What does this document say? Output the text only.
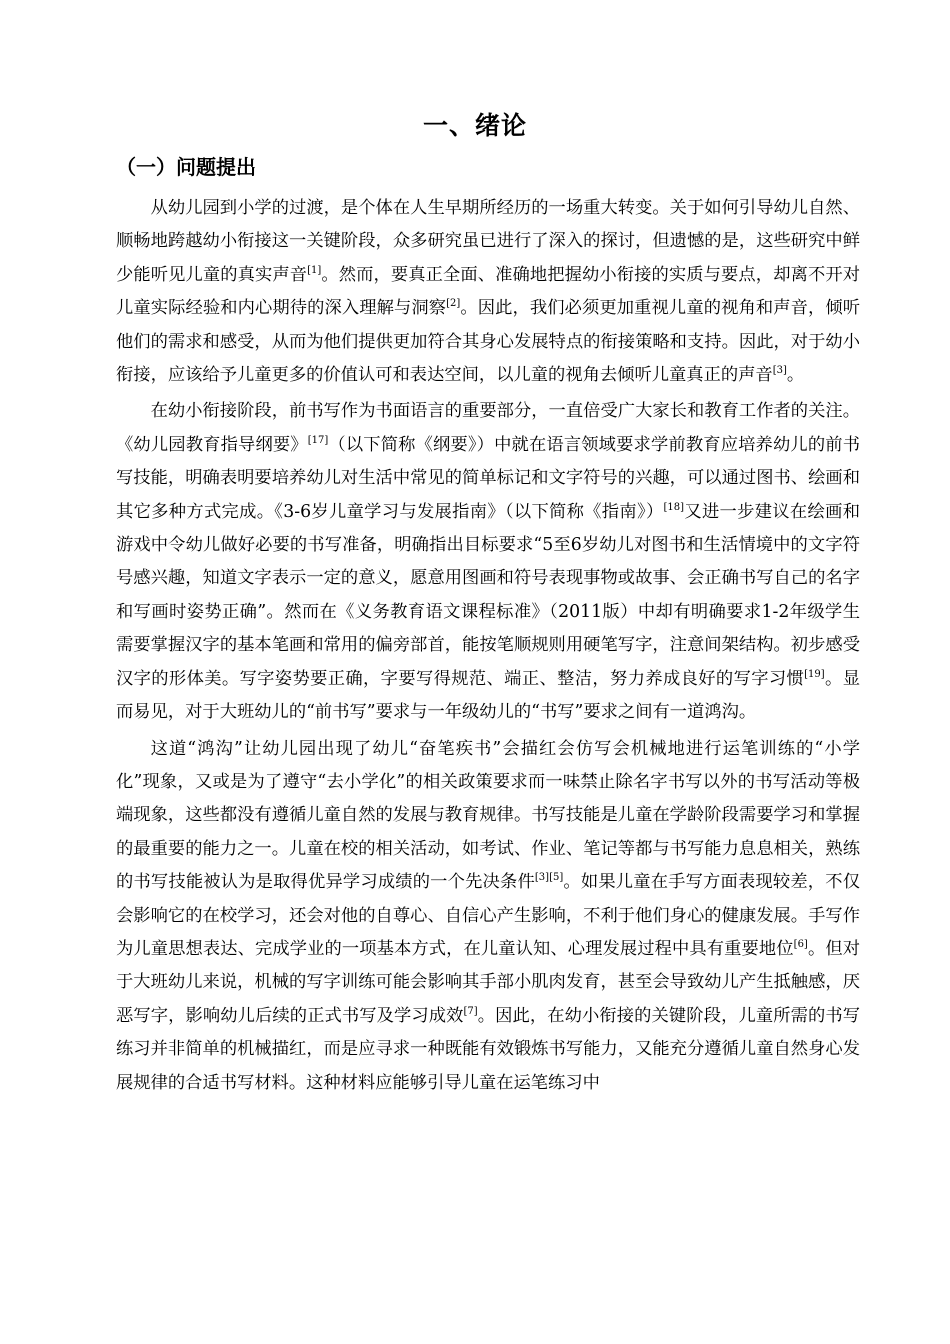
一、绪论
（一）问题提出

从幼儿园到小学的过渡，是个体在人生早期所经历的一场重大转变。关于如何引导幼儿自然、顺畅地跨越幼小衔接这一关键阶段，众多研究虽已进行了深入的探讨，但遗憾的是，这些研究中鲜少能听见儿童的真实声音[1]。然而，要真正全面、准确地把握幼小衔接的实质与要点，却离不开对儿童实际经验和内心期待的深入理解与洞察[2]。因此，我们必须更加重视儿童的视角和声音，倾听他们的需求和感受，从而为他们提供更加符合其身心发展特点的衔接策略和支持。因此，对于幼小衔接，应该给予儿童更多的价值认可和表达空间，以儿童的视角去倾听儿童真正的声音[3]。

在幼小衔接阶段，前书写作为书面语言的重要部分，一直倍受广大家长和教育工作者的关注。《幼儿园教育指导纲要》[17]（以下简称《纲要》）中就在语言领域要求学前教育应培养幼儿的前书写技能，明确表明要培养幼儿对生活中常见的简单标记和文字符号的兴趣，可以通过图书、绘画和其它多种方式完成。《3-6岁儿童学习与发展指南》（以下简称《指南》）[18]又进一步建议在绘画和游戏中令幼儿做好必要的书写准备，明确指出目标要求“5至6岁幼儿对图书和生活情境中的文字符号感兴趣，知道文字表示一定的意义，愿意用图画和符号表现事物或故事、会正确书写自己的名字和写画时姿势正确”。然而在《义务教育语文课程标准》（2011版）中却有明确要求1-2年级学生需要掌握汉字的基本笔画和常用的偏旁部首，能按笔顺规则用硬笔写字，注意间架结构。初步感受汉字的形体美。写字姿势要正确，字要写得规范、端正、整洁，努力养成良好的写字习惯[19]。显而易见，对于大班幼儿的“前书写”要求与一年级幼儿的“书写”要求之间有一道鸿沟。

这道“鸿沟”让幼儿园出现了幼儿“奋笔疾书”会描红会仿写会机械地进行运笔训练的“小学化”现象，又或是为了遵守“去小学化”的相关政策要求而一味禁止除名字书写以外的书写活动等极端现象，这些都没有遵循儿童自然的发展与教育规律。书写技能是儿童在学龄阶段需要学习和掌握的最重要的能力之一。儿童在校的相关活动，如考试、作业、笔记等都与书写能力息息相关，熟练的书写技能被认为是取得优异学习成绩的一个先决条件[3][5]。如果儿童在手写方面表现较差，不仅会影响它的在校学习，还会对他的自尊心、自信心产生影响，不利于他们身心的健康发展。手写作为儿童思想表达、完成学业的一项基本方式，在儿童认知、心理发展过程中具有重要地位[6]。但对于大班幼儿来说，机械的写字训练可能会影响其手部小肌肉发育，甚至会导致幼儿产生抵触感，厌恶写字，影响幼儿后续的正式书写及学习成效[7]。因此，在幼小衔接的关键阶段，儿童所需的书写练习并非简单的机械描红，而是应寻求一种既能有效锻炼书写能力，又能充分遵循儿童自然身心发展规律的合适书写材料。这种材料应能够引导儿童在运笔练习中
